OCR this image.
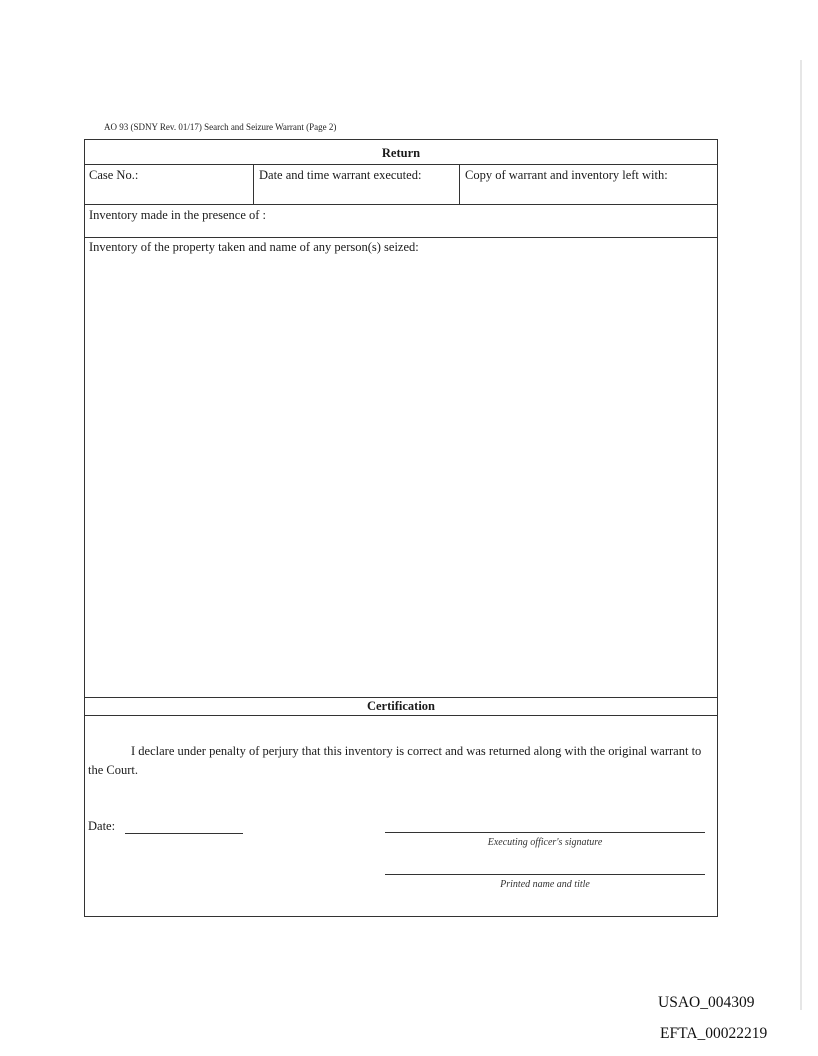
AO 93 (SDNY Rev. 01/17) Search and Seizure Warrant (Page 2)
Return
Case No.:	Date and time warrant executed:	Copy of warrant and inventory left with:
Inventory made in the presence of :
Inventory of the property taken and name of any person(s) seized:
Certification
I declare under penalty of perjury that this inventory is correct and was returned along with the original warrant to the Court.
Date:
Executing officer's signature
Printed name and title
USAO_004309
EFTA_00022219
